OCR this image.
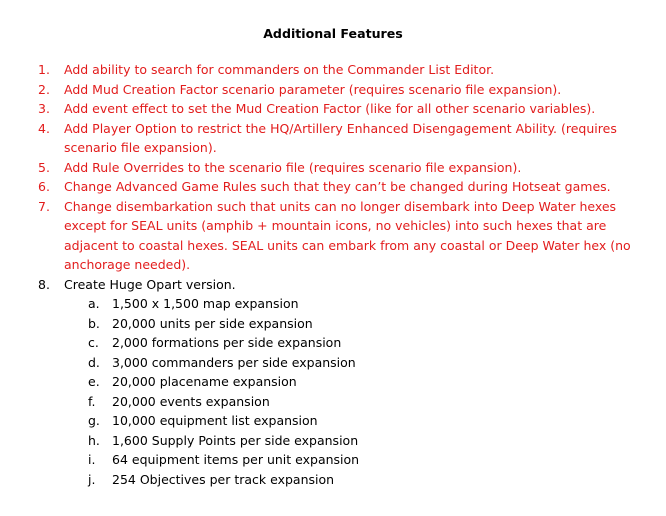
Additional Features
1. Add ability to search for commanders on the Commander List Editor.
2. Add Mud Creation Factor scenario parameter (requires scenario file expansion).
3. Add event effect to set the Mud Creation Factor (like for all other scenario variables).
4. Add Player Option to restrict the HQ/Artillery Enhanced Disengagement Ability. (requires scenario file expansion).
5. Add Rule Overrides to the scenario file (requires scenario file expansion).
6. Change Advanced Game Rules such that they can’t be changed during Hotseat games.
7. Change disembarkation such that units can no longer disembark into Deep Water hexes except for SEAL units (amphib + mountain icons, no vehicles) into such hexes that are adjacent to coastal hexes. SEAL units can embark from any coastal or Deep Water hex (no anchorage needed).
8. Create Huge Opart version.
a. 1,500 x 1,500 map expansion
b. 20,000 units per side expansion
c. 2,000 formations per side expansion
d. 3,000 commanders per side expansion
e. 20,000 placename expansion
f. 20,000 events expansion
g. 10,000 equipment list expansion
h. 1,600 Supply Points per side expansion
i. 64 equipment items per unit expansion
j. 254 Objectives per track expansion
